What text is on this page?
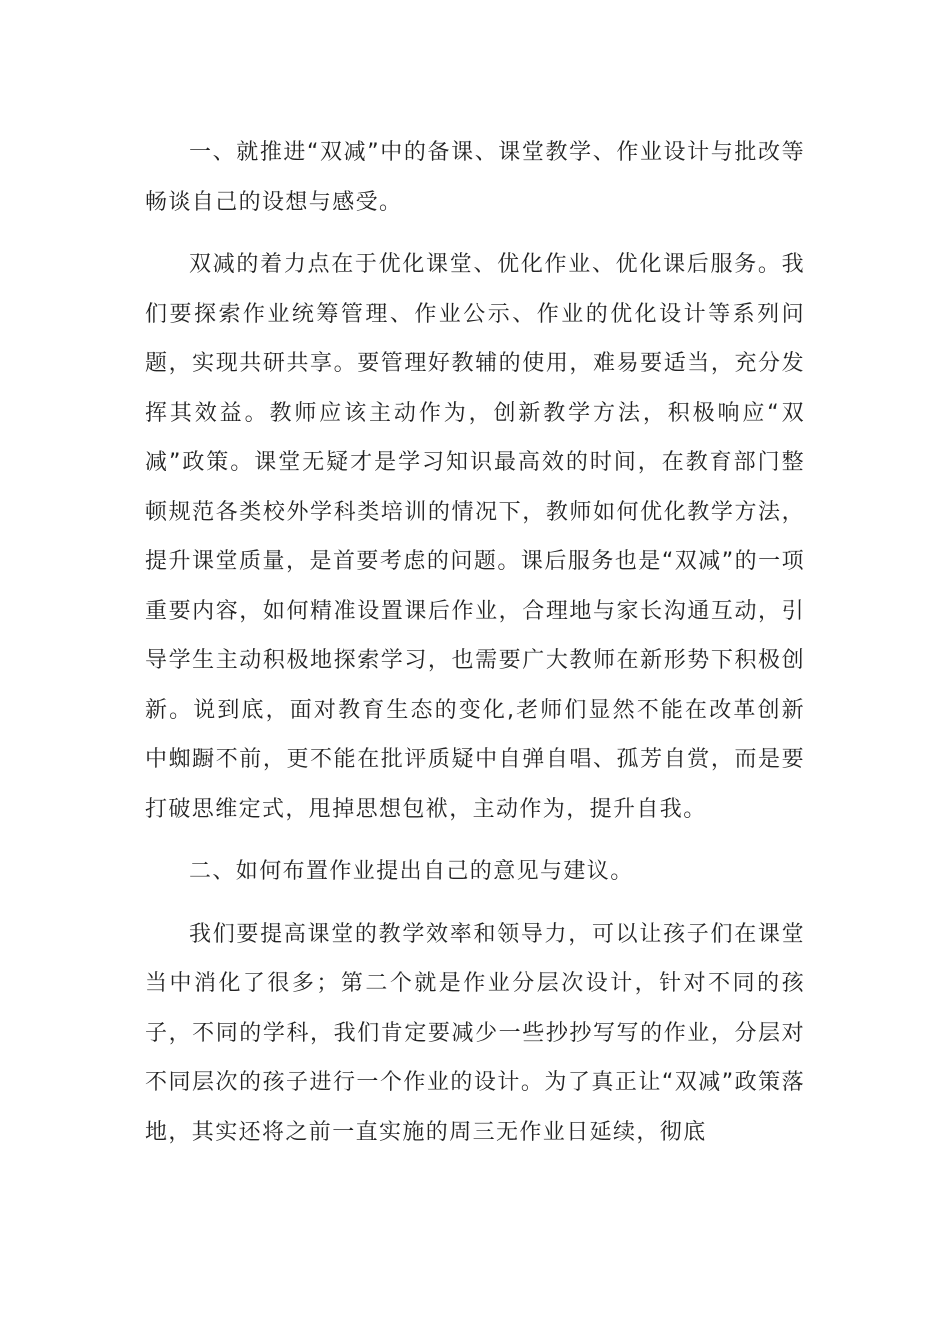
一、就推进“双减”中的备课、课堂教学、作业设计与批改等畅谈自己的设想与感受。

双减的着力点在于优化课堂、优化作业、优化课后服务。我们要探索作业统筹管理、作业公示、作业的优化设计等系列问题，实现共研共享。要管理好教辅的使用，难易要适当，充分发挥其效益。教师应该主动作为，创新教学方法，积极响应“双减”政策。课堂无疑才是学习知识最高效的时间，在教育部门整顿规范各类校外学科类培训的情况下，教师如何优化教学方法，提升课堂质量，是首要考虑的问题。课后服务也是“双减”的一项重要内容，如何精准设置课后作业，合理地与家长沟通互动，引导学生主动积极地探索学习，也需要广大教师在新形势下积极创新。说到底，面对教育生态的变化,老师们显然不能在改革创新中蜘蹰不前，更不能在批评质疑中自弹自唱、孤芳自赏，而是要打破思维定式，甩掉思想包袱，主动作为，提升自我。

二、如何布置作业提出自己的意见与建议。

我们要提高课堂的教学效率和领导力，可以让孩子们在课堂当中消化了很多；第二个就是作业分层次设计，针对不同的孩子，不同的学科，我们肯定要减少一些抄抄写写的作业，分层对不同层次的孩子进行一个作业的设计。为了真正让“双减”政策落地，其实还将之前一直实施的周三无作业日延续，彻底
